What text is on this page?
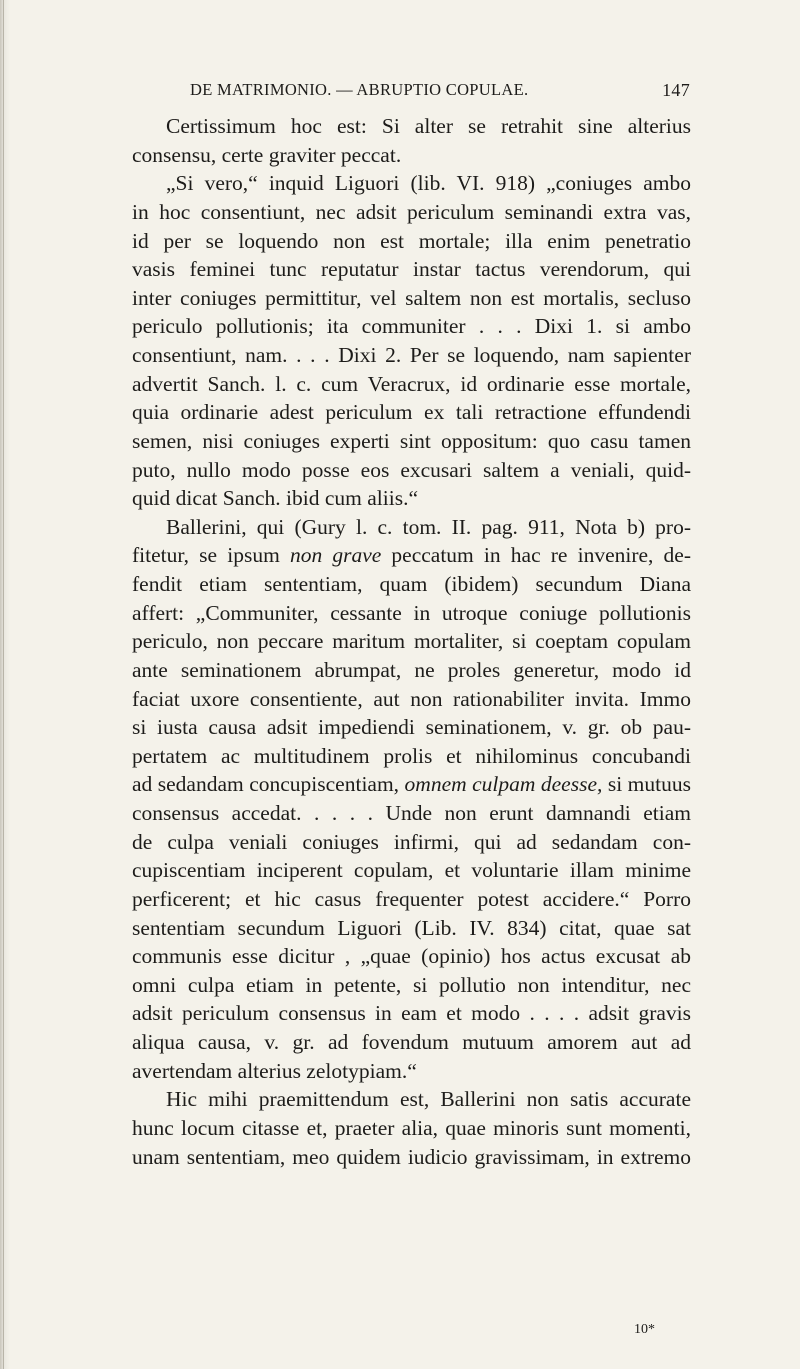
DE MATRIMONIO. — ABRUPTIO COPULAE.	147
Certissimum hoc est: Si alter se retrahit sine alterius
consensu, certe graviter peccat.
„Si vero,“ inquid Liguori (lib. VI. 918) „coniuges ambo
in hoc consentiunt, nec adsit periculum seminandi extra vas,
id per se loquendo non est mortale; illa enim penetratio
vasis feminei tunc reputatur instar tactus verendorum, qui
inter coniuges permittitur, vel saltem non est mortalis, secluso
periculo pollutionis; ita communiter . . . Dixi 1. si ambo
consentiunt, nam. . . . Dixi 2. Per se loquendo, nam sapienter
advertit Sanch. l. c. cum Veracrux, id ordinarie esse mortale,
quia ordinarie adest periculum ex tali retractione effundendi
semen, nisi coniuges experti sint oppositum: quo casu tamen
puto, nullo modo posse eos excusari saltem a veniali, quid-
quid dicat Sanch. ibid cum aliis.“
Ballerini, qui (Gury l. c. tom. II. pag. 911, Nota b) pro-
fitetur, se ipsum non grave peccatum in hac re invenire, de-
fendit etiam sententiam, quam (ibidem) secundum Diana
affert: „Communiter, cessante in utroque coniuge pollutionis
periculo, non peccare maritum mortaliter, si coeptam copulam
ante seminationem abrumpat, ne proles generetur, modo id
faciat uxore consentiente, aut non rationabiliter invita. Immo
si iusta causa adsit impediendi seminationem, v. gr. ob pau-
pertatem ac multitudinem prolis et nihilominus concubandi
ad sedandam concupiscentiam, omnem culpam deesse, si mutuus
consensus accedat. . . . . Unde non erunt damnandi etiam
de culpa veniali coniuges infirmi, qui ad sedandam con-
cupiscentiam inciperent copulam, et voluntarie illam minime
perficerent; et hic casus frequenter potest accidere.“ Porro
sententiam secundum Liguori (Lib. IV. 834) citat, quae sat
communis esse dicitur , „quae (opinio) hos actus excusat ab
omni culpa etiam in petente, si pollutio non intenditur, nec
adsit periculum consensus in eam et modo . . . . adsit gravis
aliqua causa, v. gr. ad fovendum mutuum amorem aut ad
avertendam alterius zelotypiam.“
Hic mihi praemittendum est, Ballerini non satis accurate
hunc locum citasse et, praeter alia, quae minoris sunt momenti,
unam sententiam, meo quidem iudicio gravissimam, in extremo
10*
